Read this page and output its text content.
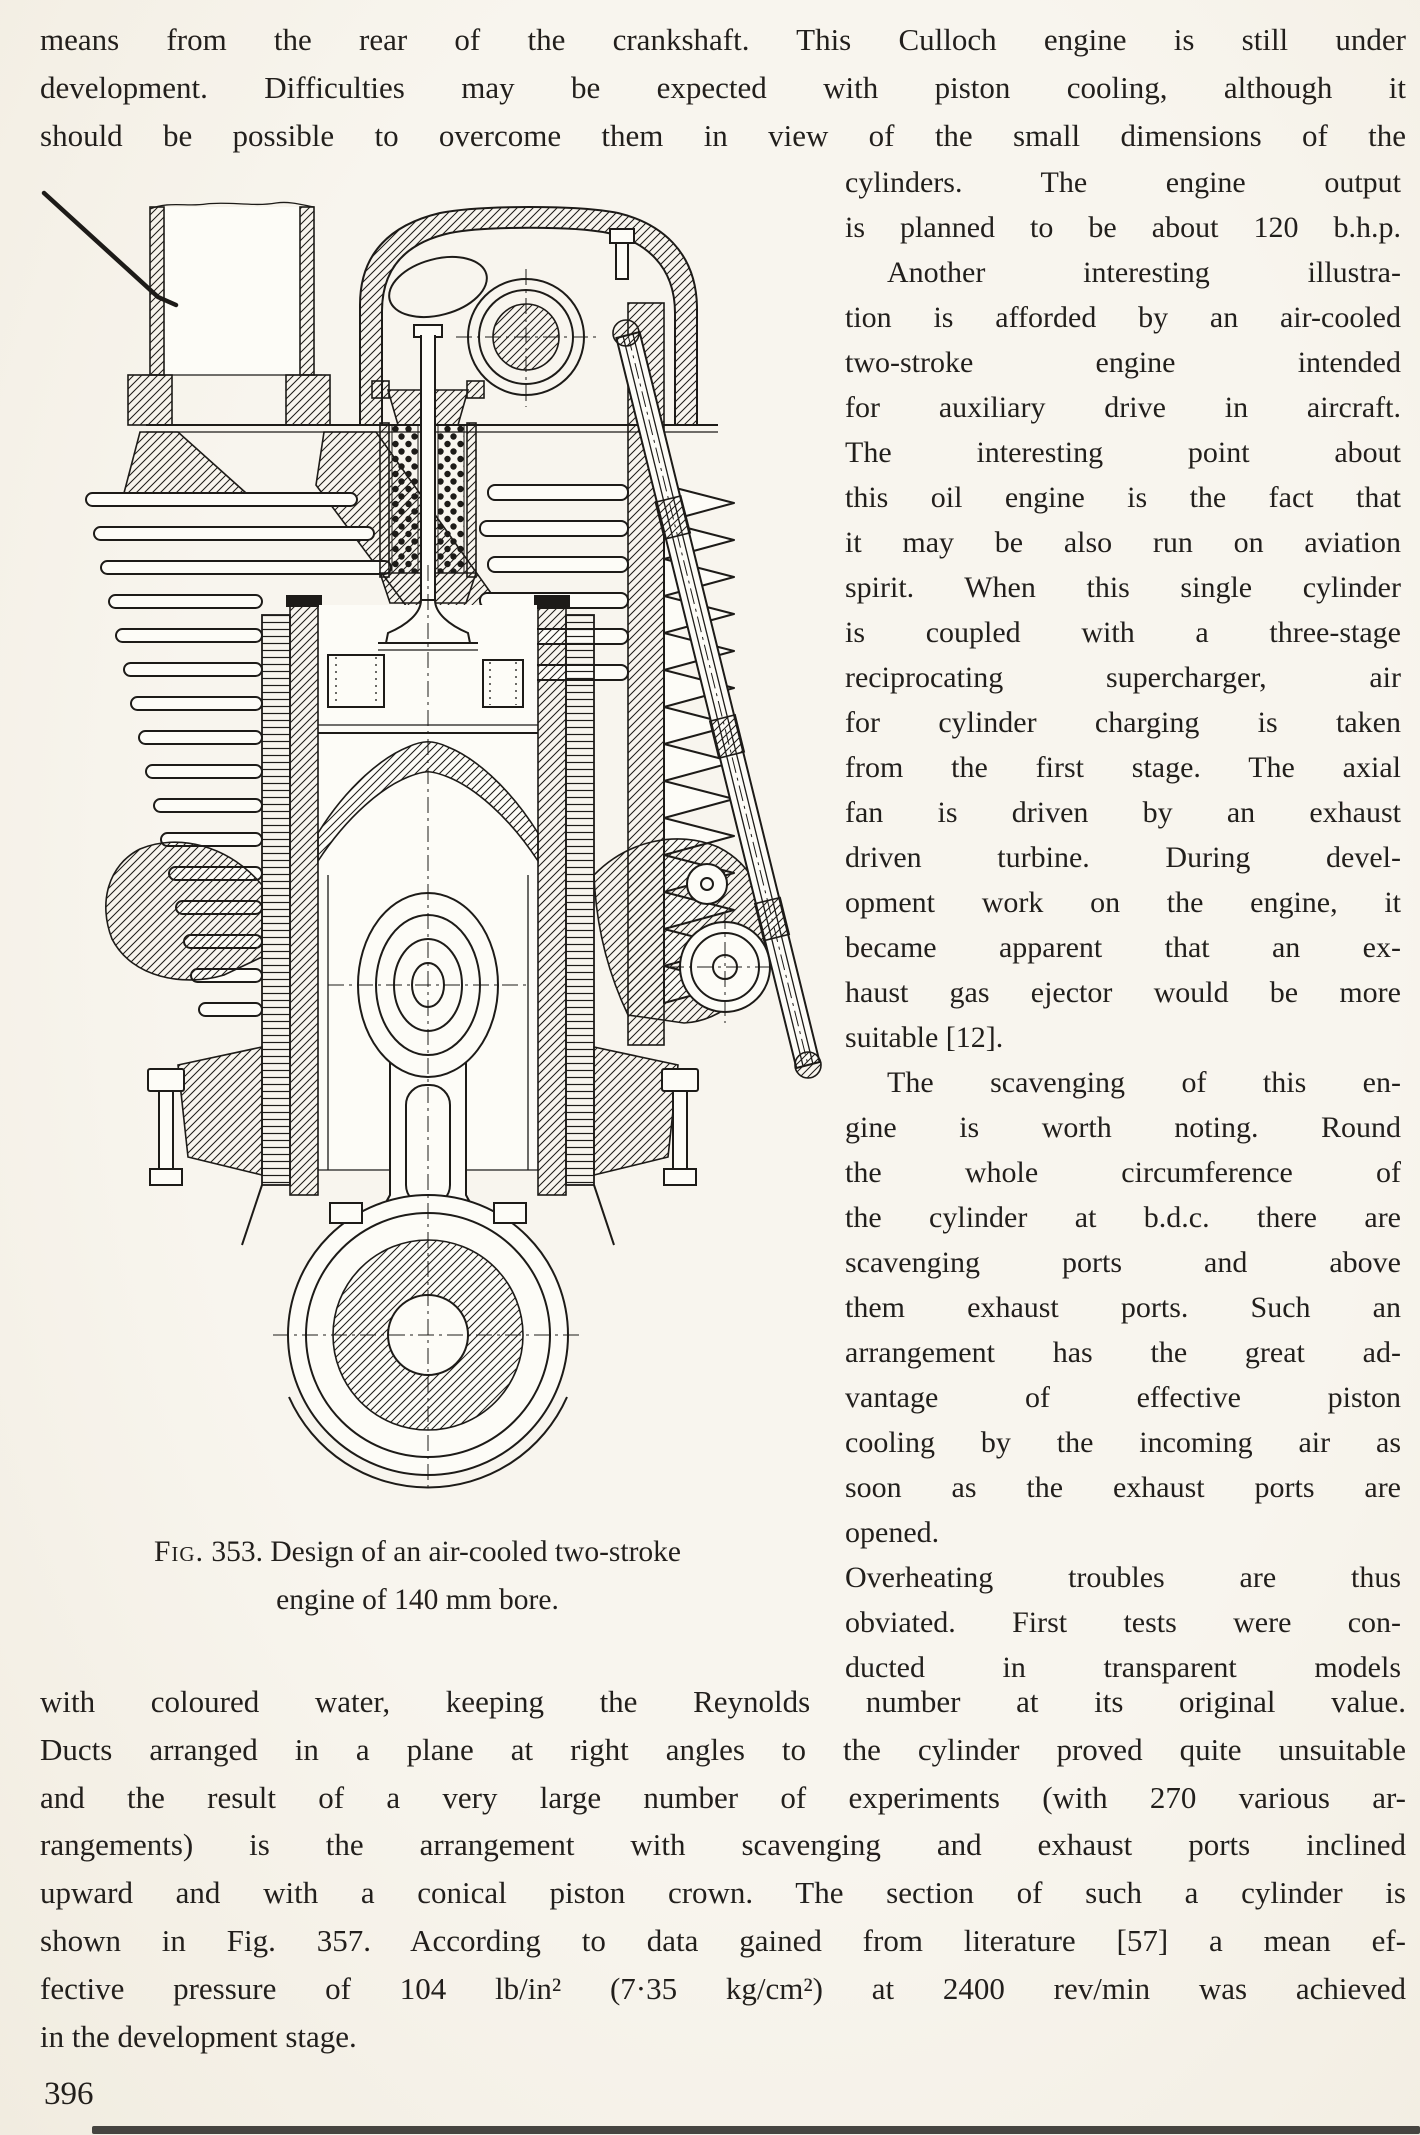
means from the rear of the crankshaft. This Culloch engine is still under
development. Difficulties may be expected with piston cooling, although it
should be possible to overcome them in view of the small dimensions of the
cylinders. The engine output
is planned to be about 120 b.h.p.
Another interesting illustra-
tion is afforded by an air-cooled
two-stroke engine intended
for auxiliary drive in aircraft.
The interesting point about
this oil engine is the fact that
it may be also run on aviation
spirit. When this single cylinder
is coupled with a three-stage
reciprocating supercharger, air
for cylinder charging is taken
from the first stage. The axial
fan is driven by an exhaust
driven turbine. During devel-
opment work on the engine, it
became apparent that an ex-
haust gas ejector would be more
suitable [12].
The scavenging of this en-
gine is worth noting. Round
the whole circumference of
the cylinder at b.d.c. there are
scavenging ports and above
them exhaust ports. Such an
arrangement has the great ad-
vantage of effective piston
cooling by the incoming air as
soon as the exhaust ports are
opened.
Overheating troubles are thus
obviated. First tests were con-
ducted in transparent models
Fig. 353. Design of an air-cooled two-stroke
engine of 140 mm bore.
with coloured water, keeping the Reynolds number at its original value.
Ducts arranged in a plane at right angles to the cylinder proved quite unsuitable
and the result of a very large number of experiments (with 270 various ar-
rangements) is the arrangement with scavenging and exhaust ports inclined
upward and with a conical piston crown. The section of such a cylinder is
shown in Fig. 357. According to data gained from literature [57] a mean ef-
fective pressure of 104 lb/in² (7·35 kg/cm²) at 2400 rev/min was achieved
in the development stage.
396
